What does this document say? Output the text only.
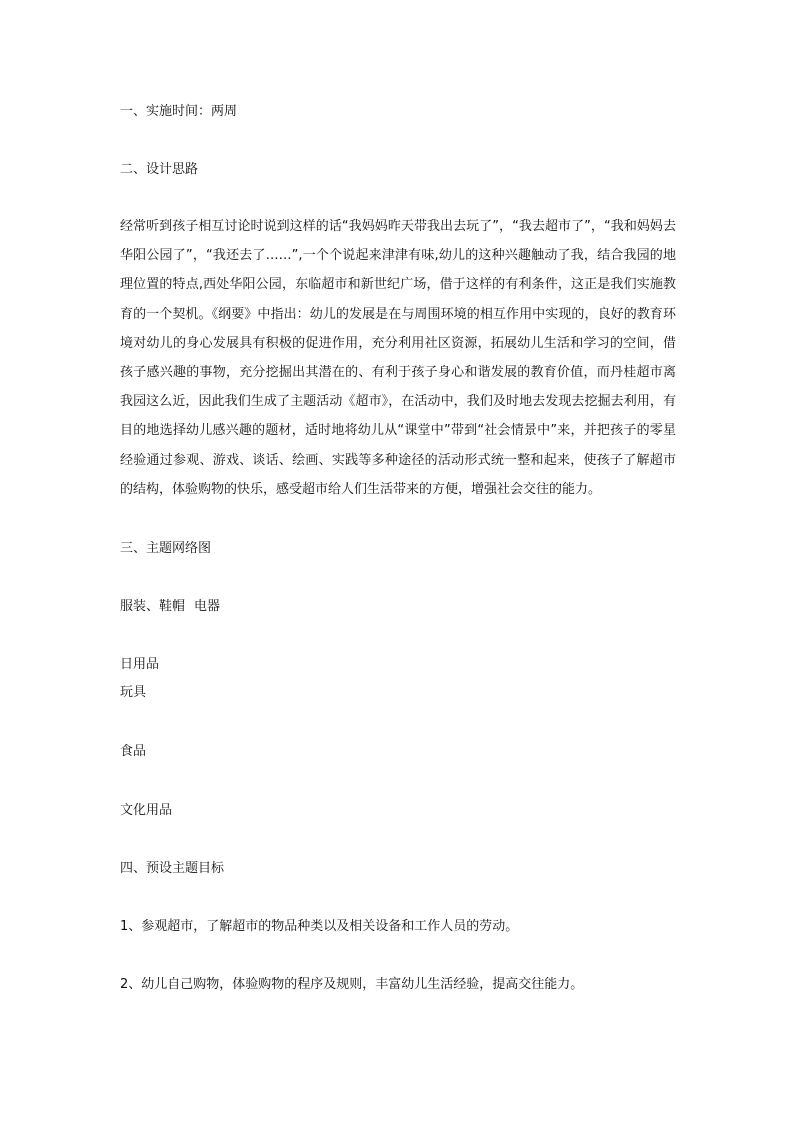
一、实施时间：两周
二、设计思路

经常听到孩子相互讨论时说到这样的话“我妈妈昨天带我出去玩了”，“我去超市了”，“我和妈妈去华阳公园了”，“我还去了……”,一个个说起来津津有味,幼儿的这种兴趣触动了我，结合我园的地理位置的特点,西处华阳公园，东临超市和新世纪广场，借于这样的有利条件，这正是我们实施教育的一个契机。《纲要》中指出：幼儿的发展是在与周围环境的相互作用中实现的，良好的教育环境对幼儿的身心发展具有积极的促进作用，充分利用社区资源，拓展幼儿生活和学习的空间，借孩子感兴趣的事物，充分挖掘出其潜在的、有利于孩子身心和谐发展的教育价值，而丹桂超市离我园这么近，因此我们生成了主题活动《超市》，在活动中，我们及时地去发现去挖掘去利用，有目的地选择幼儿感兴趣的题材，适时地将幼儿从“课堂中”带到“社会情景中”来，并把孩子的零星经验通过参观、游戏、谈话、绘画、实践等多种途径的活动形式统一整和起来，使孩子了解超市的结构，体验购物的快乐，感受超市给人们生活带来的方便，增强社会交往的能力。

三、主题网络图
服装、鞋帽 电器
日用品
玩具
食品
文化用品
四、预设主题目标
1、参观超市，了解超市的物品种类以及相关设备和工作人员的劳动。
2、幼儿自己购物，体验购物的程序及规则，丰富幼儿生活经验，提高交往能力。
